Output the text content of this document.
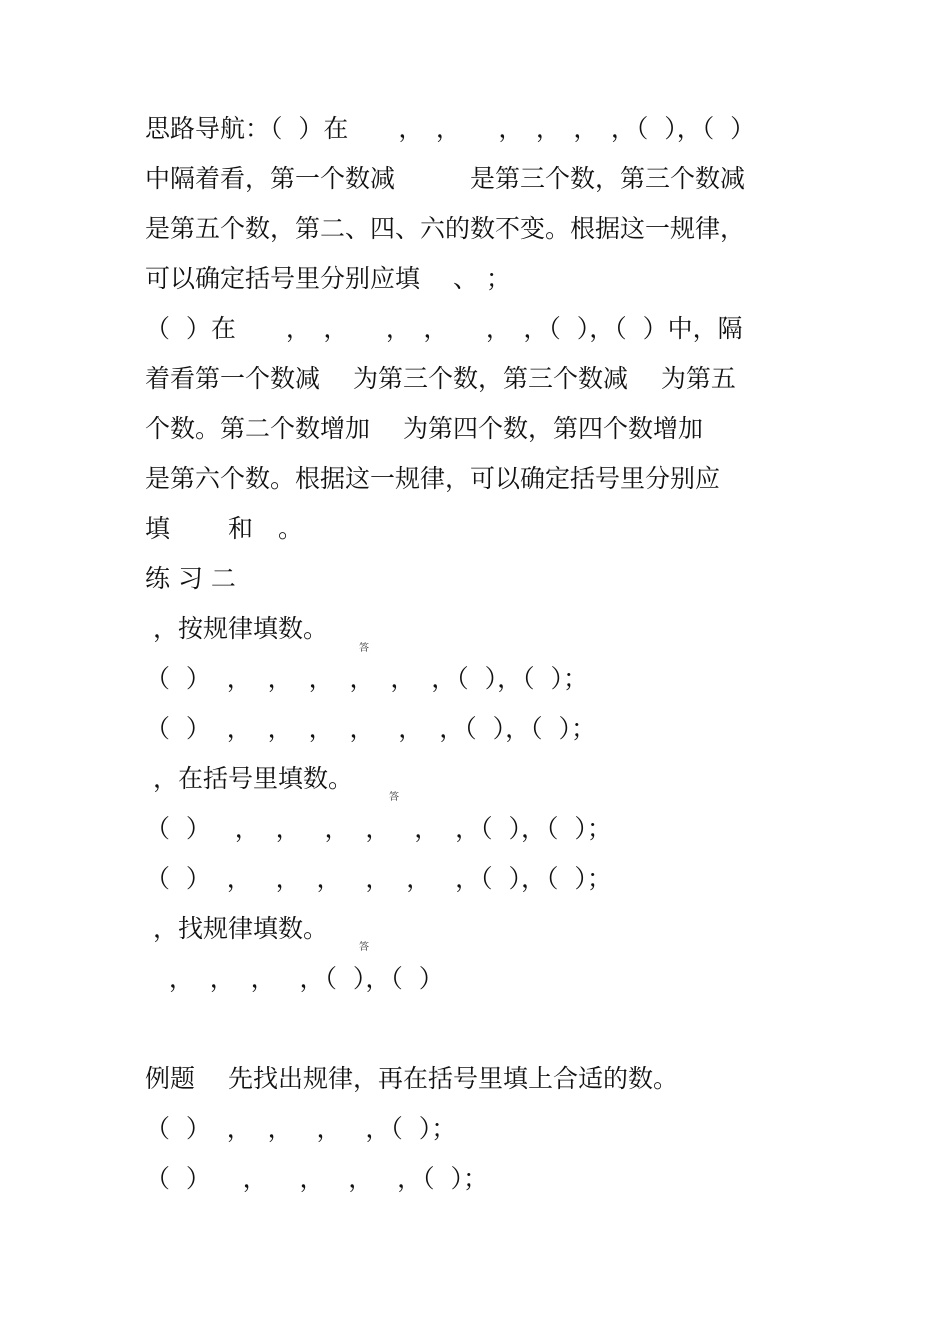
思路导航：（  ）在　　，　，　　，　，　，　，（  ），（  ）
中隔着看，第一个数减　　　是第三个数，第三个数减
是第五个数，第二、四、六的数不变。根据这一规律，
可以确定括号里分别应填　 、 ；
（  ）在　　，　，　　，　，　　，　，（  ），（  ）中，隔
着看第一个数减　 为第三个数，第三个数减　 为第五
个数。第二个数增加　 为第四个数，第四个数增加
是第六个数。根据这一规律，可以确定括号里分别应
填　 　和　。
练 习 二
，按规律填数。
答
（  ）  ，  ，  ，  ，  ，  ，（  ），（  ）；
（  ）  ，  ，  ，  ，   ，  ，（  ），（  ）；
，在括号里填数。
答
（  ）   ，  ，   ，  ，   ，  ，（  ），（  ）；
（  ）  ，   ，  ，   ，  ，   ，（  ），（  ）；
，找规律填数。
答
，  ，  ，   ，（  ），（  ）
例题　 先找出规律，再在括号里填上合适的数。
（  ）  ，  ，   ，   ，（  ）；
（  ）    ，    ，   ，   ，（  ）；
